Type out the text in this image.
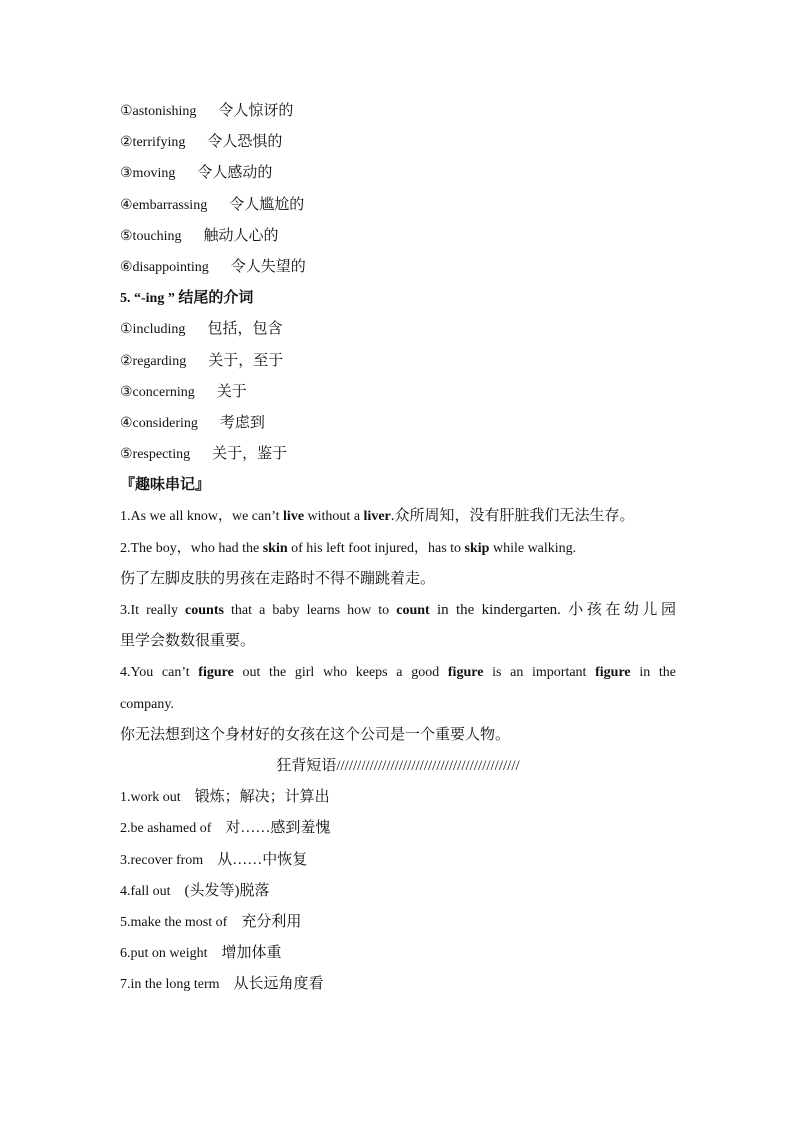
①astonishing 令人惊讶的
②terrifying 令人恐惧的
③moving 令人感动的
④embarrassing 令人尴尬的
⑤touching 触动人心的
⑥disappointing 令人失望的
5. “-ing ” 结尾的介词
①including 包括，包含
②regarding 关于，至于
③concerning 关于
④considering 考虑到
⑤respecting 关于，鉴于
『趣味串记』
1.As we all know，we can’t live without a liver.众所周知，没有肝脏我们无法生存。
2.The boy，who had the skin of his left foot injured，has to skip while walking.
伤了左脚皮肤的男孩在走路时不得不蹦跳着走。
3.It really counts that a baby learns how to count in the kindergarten. 小孩在幼儿园
里学会数数很重要。
4.You can’t figure out the girl who keeps a good figure is an important figure in the
company.
你无法想到这个身材好的女孩在这个公司是一个重要人物。
狂背短语////////////////////////////////////////////
1.work out 锻炼；解决；计算出
2.be ashamed of 对……感到羞愧
3.recover from 从……中恢复
4.fall out (头发等)脱落
5.make the most of 充分利用
6.put on weight 增加体重
7.in the long term 从长远角度看
